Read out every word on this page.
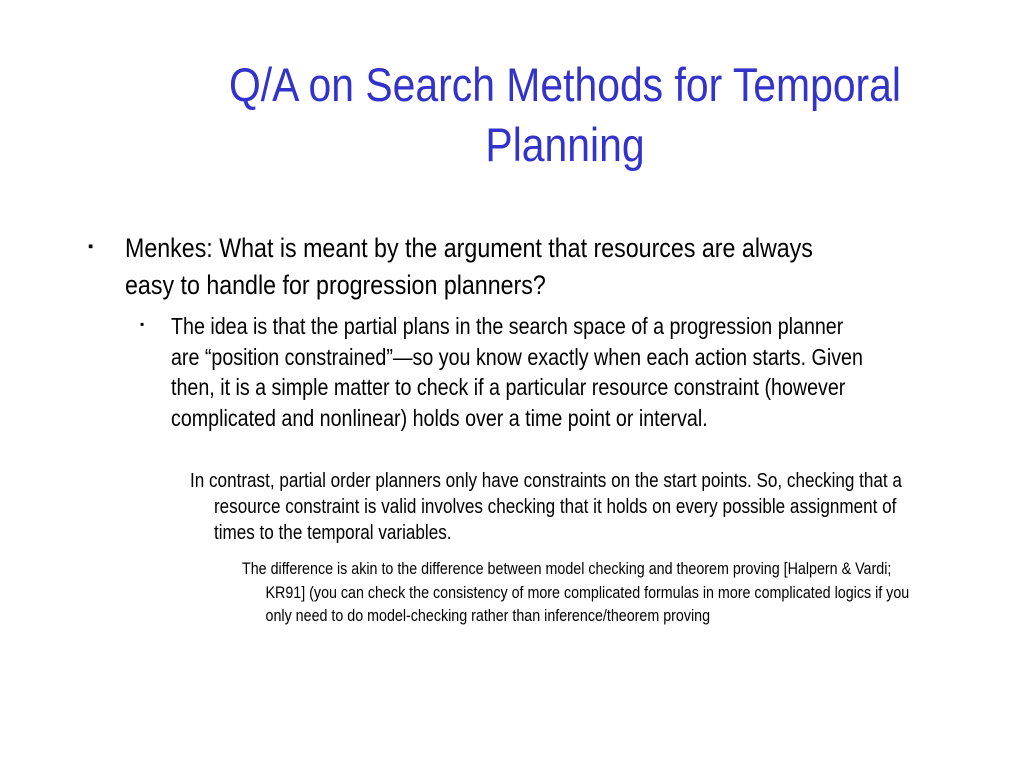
Q/A on Search Methods for Temporal
Planning
▪ Menkes: What is meant by the argument that resources are always easy to handle for progression planners?
▪ The idea is that the partial plans in the search space of a progression planner are “position constrained”—so you know exactly when each action starts. Given then, it is a simple matter to check if a particular resource constraint (however complicated and nonlinear) holds over a time point or interval.
In contrast, partial order planners only have constraints on the start points. So, checking that a resource constraint is valid involves checking that it holds on every possible assignment of times to the temporal variables.
The difference is akin to the difference between model checking and theorem proving [Halpern & Vardi; KR91] (you can check the consistency of more complicated formulas in more complicated logics if you only need to do model-checking rather than inference/theorem proving
